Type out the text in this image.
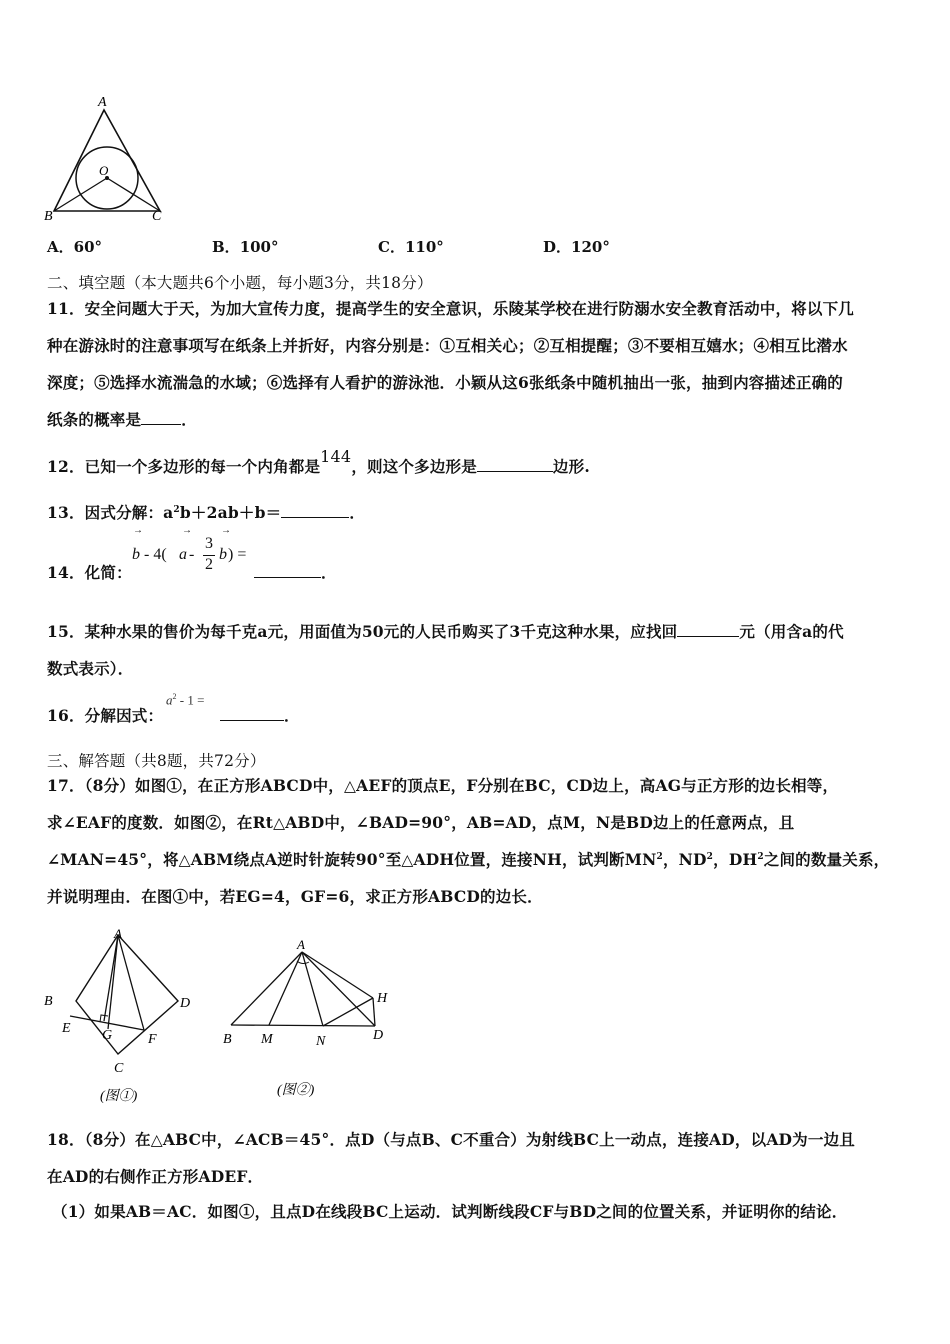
A
O
B	C
A．60°	B．100°	C．110°	D．120°
二、填空题（本大题共6个小题，每小题3分，共18分）
11．安全问题大于天，为加大宣传力度，提高学生的安全意识，乐陵某学校在进行防溺水安全教育活动中，将以下几
种在游泳时的注意事项写在纸条上并折好，内容分别是：①互相关心；②互相提醒；③不要相互嬉水；④相互比潜水
深度；⑤选择水流湍急的水域；⑥选择有人看护的游泳池．小颖从这6张纸条中随机抽出一张，抽到内容描述正确的
纸条的概率是	．
12．已知一个多边形的每一个内角都是144，则这个多边形是	边形.
13．因式分解：$a^2b+2ab+b=$	．
14．化简：
→	→	→
b - 4( a -
3
2
b ) =
．
15．某种水果的售价为每千克a元，用面值为50元的人民币购买了3千克这种水果，应找回	元（用含a的代
数式表示）．
16．分解因式：
$a^2 - 1$ =
．
三、解答题（共8题，共72分）
17．（8分）如图①，在正方形ABCD中，△AEF的顶点E，F分别在BC，CD边上，高AG与正方形的边长相等，
求∠EAF的度数．如图②，在Rt△ABD中，∠BAD=90°，AB=AD，点M，N是BD边上的任意两点，且
∠MAN=45°，将△ABM绕点A逆时针旋转90°至△ADH位置，连接NH，试判断$MN^2$，$ND^2$，$DH^2$之间的数量关系，
并说明理由．在图①中，若EG=4，GF=6，求正方形ABCD的边长．
A
B	D
E G	F
C
(图①)
A
H
B M	N	D
(图②)
18．（8分）在△ABC中，∠ACB＝45°．点D（与点B、C不重合）为射线BC上一动点，连接AD，以AD为一边且
在AD的右侧作正方形ADEF．
（1）如果AB＝AC．如图①，且点D在线段BC上运动．试判断线段CF与BD之间的位置关系，并证明你的结论．
